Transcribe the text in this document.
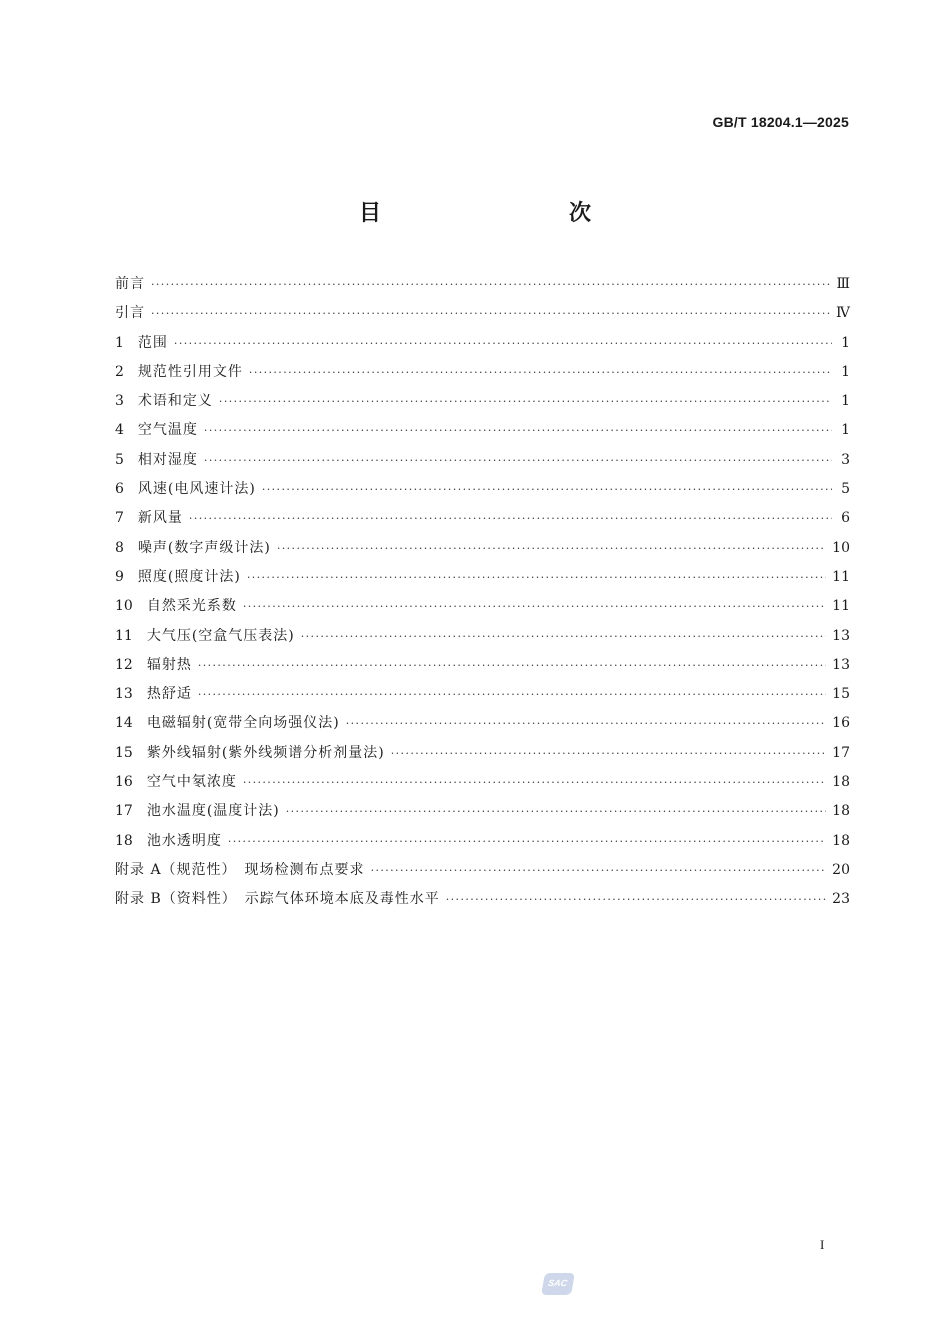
GB/T 18204.1—2025
目　　次
前言 ·····	Ⅲ
引言 ·····	Ⅳ
1 范围 ·····	1
2 规范性引用文件 ·····	1
3 术语和定义 ·····	1
4 空气温度 ·····	1
5 相对湿度 ·····	3
6 风速(电风速计法) ·····	5
7 新风量 ·····	6
8 噪声(数字声级计法) ·····	10
9 照度(照度计法) ·····	11
10 自然采光系数 ·····	11
11 大气压(空盒气压表法) ·····	13
12 辐射热 ·····	13
13 热舒适 ·····	15
14 电磁辐射(宽带全向场强仪法) ·····	16
15 紫外线辐射(紫外线频谱分析剂量法) ·····	17
16 空气中氡浓度 ·····	18
17 池水温度(温度计法) ·····	18
18 池水透明度 ·····	18
附录 A（规范性）　现场检测布点要求 ·····	20
附录 B（资料性）　示踪气体环境本底及毒性水平 ·····	23
I
SAC
